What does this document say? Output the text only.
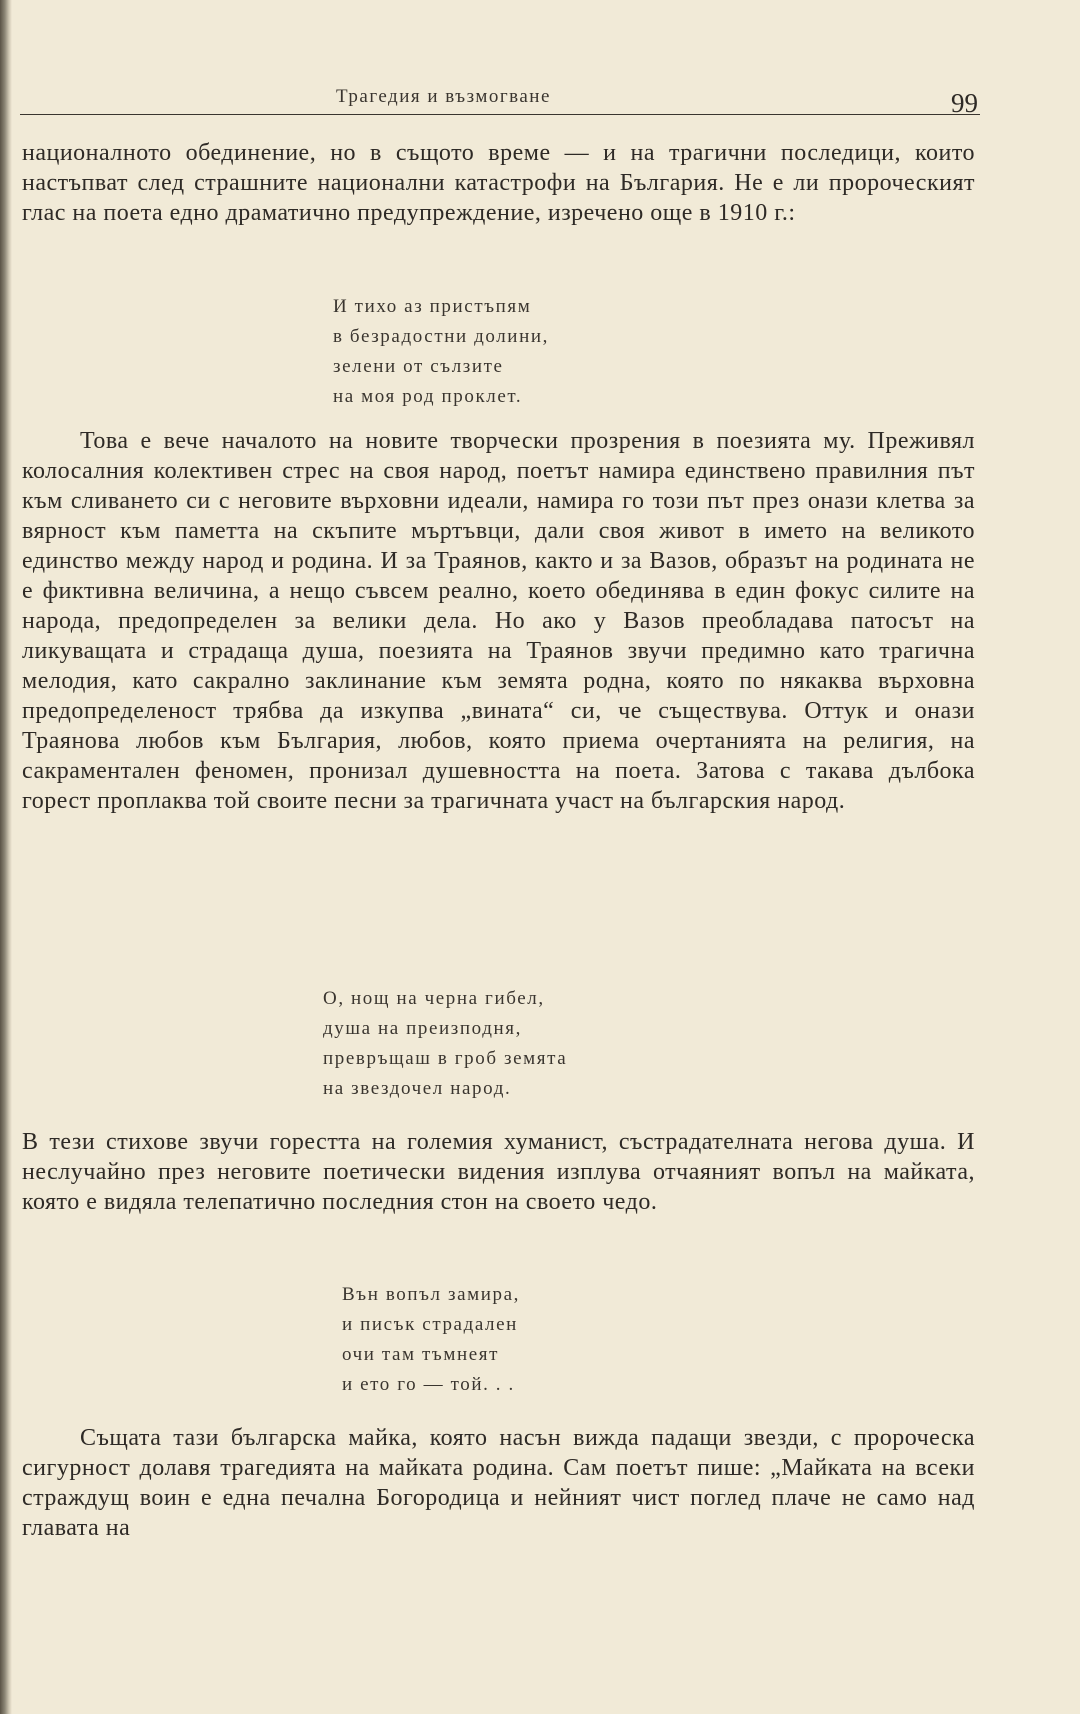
Трагедия и възмогване	99

националното обединение, но в същото време — и на трагични последици, които настъпват след страшните национални катастрофи на България. Не е ли пророческият глас на поета едно драматично предупреждение, изречено още в 1910 г.:

И тихо аз пристъпям
в безрадостни долини,
зелени от сълзите
на моя род проклет.

Това е вече началото на новите творчески прозрения в поезията му. Преживял колосалния колективен стрес на своя народ, поетът намира единствено правилния път към сливането си с неговите върховни идеали, намира го този път през онази клетва за вярност към паметта на скъпите мъртъвци, дали своя живот в името на великото единство между народ и родина. И за Траянов, както и за Вазов, образът на родината не е фиктивна величина, а нещо съвсем реално, което обединява в един фокус силите на народа, предопределен за велики дела. Но ако у Вазов преобладава патосът на ликуващата и страдаща душа, поезията на Траянов звучи предимно като трагична мелодия, като сакрално заклинание към земята родна, която по някаква върховна предопределеност трябва да изкупва „вината“ си, че съществува. Оттук и онази Траянова любов към България, любов, която приема очертанията на религия, на сакраментален феномен, пронизал душевността на поета. Затова с такава дълбока горест проплаква той своите песни за трагичната участ на българския народ.

О, нощ на черна гибел,
душа на преизподня,
превръщаш в гроб земята
на звездочел народ.

В тези стихове звучи горестта на големия хуманист, състрадателната негова душа. И неслучайно през неговите поетически видения изплува отчаяният вопъл на майката, която е видяла телепатично последния стон на своето чедо.

Вън вопъл замира,
и писък страдален
очи там тъмнеят
и ето го — той. . .

Същата тази българска майка, която насън вижда падащи звезди, с пророческа сигурност долавя трагедията на майката родина. Сам поетът пише: „Майката на всеки страждущ воин е една печална Богородица и нейният чист поглед плаче не само над главата на
